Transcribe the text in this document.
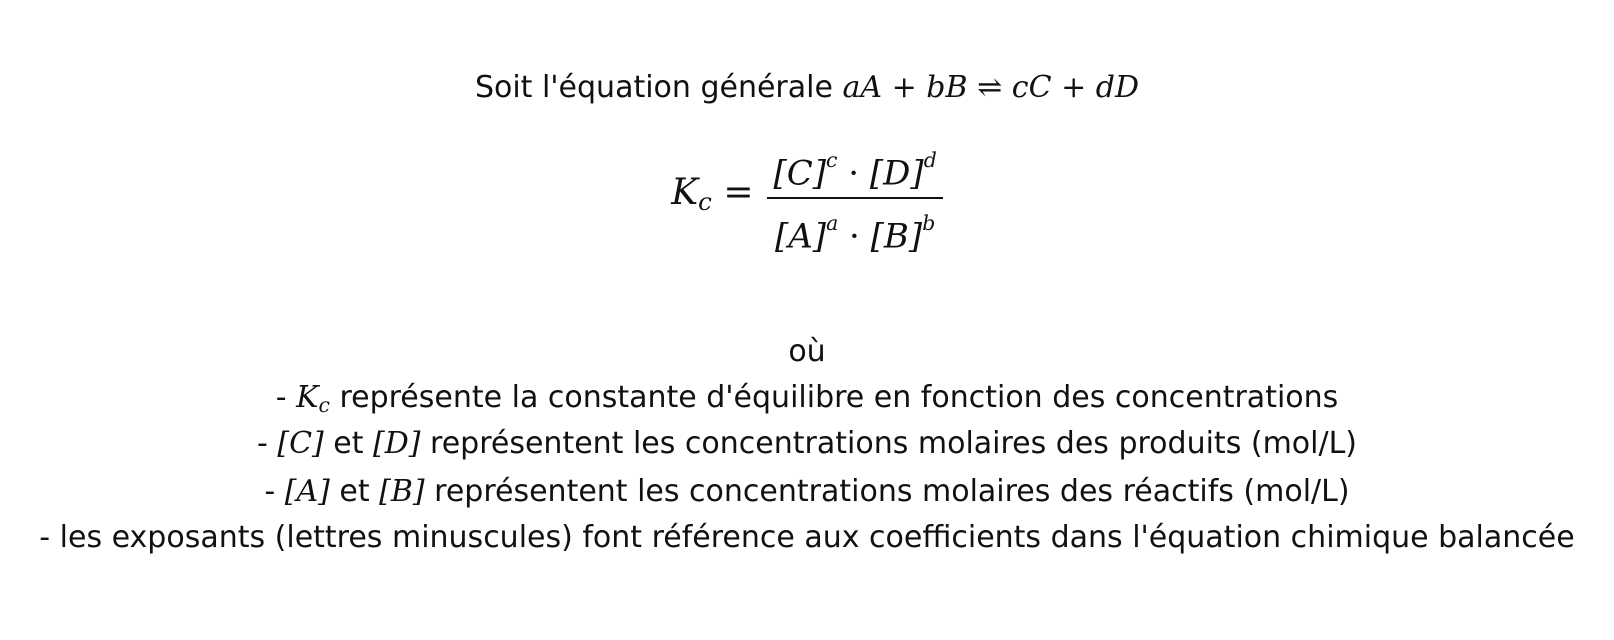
Soit l'équation générale aA + bB ⇌ cC + dD
$K_c = \frac{[C]^c \cdot [D]^d}{[A]^a \cdot [B]^b}$
où
- $K_c$ représente la constante d'équilibre en fonction des concentrations
- [C] et [D] représentent les concentrations molaires des produits (mol/L)
- [A] et [B] représentent les concentrations molaires des réactifs (mol/L)
- les exposants (lettres minuscules) font référence aux coefficients dans l'équation chimique balancée
